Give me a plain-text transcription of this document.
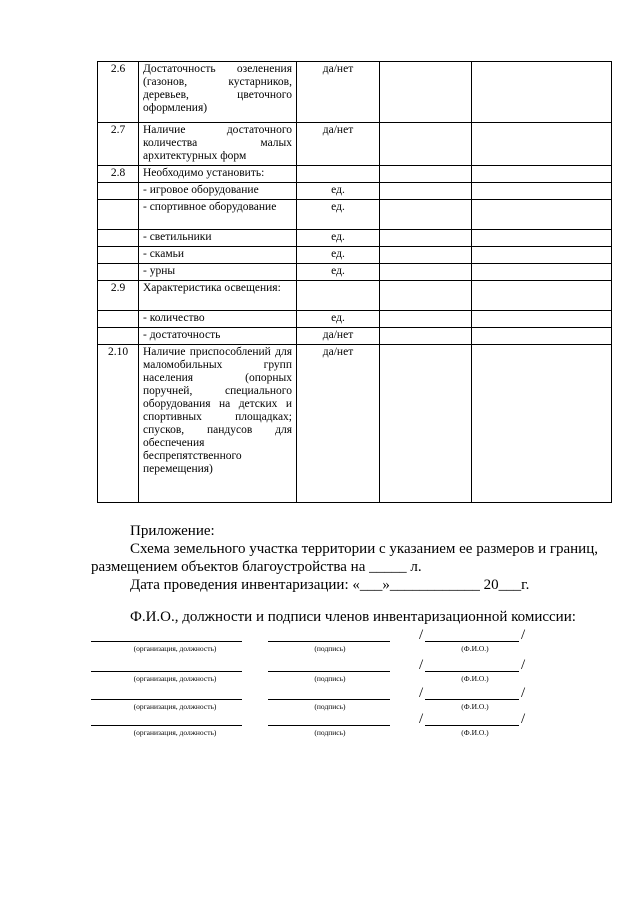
2.6	Достаточность озеленения (газонов, кустарников, деревьев, цветочного оформления)	да/нет		
2.7	Наличие достаточного количества малых архитектурных форм	да/нет		
2.8	Необходимо установить:			
	- игровое оборудование	ед.		
	- спортивное оборудование	ед.		
	- светильники	ед.		
	- скамьи	ед.		
	- урны	ед.		
2.9	Характеристика освещения:			
	- количество	ед.		
	- достаточность	да/нет		
2.10	Наличие приспособлений для маломобильных групп населения (опорных поручней, специального оборудования на детских и спортивных площадках; спусков, пандусов для обеспечения беспрепятственного перемещения)	да/нет		

Приложение:

Схема земельного участка территории с указанием ее размеров и границ,

размещением объектов благоустройства на _____ л.

Дата проведения инвентаризации: «___»____________ 20___г.

Ф.И.О., должности и подписи членов инвентаризационной комиссии:
/	/
(организация, должность)	(подпись)	(Ф.И.О.)
/	/
(организация, должность)	(подпись)	(Ф.И.О.)
/	/
(организация, должность)	(подпись)	(Ф.И.О.)
/	/
(организация, должность)	(подпись)	(Ф.И.О.)
